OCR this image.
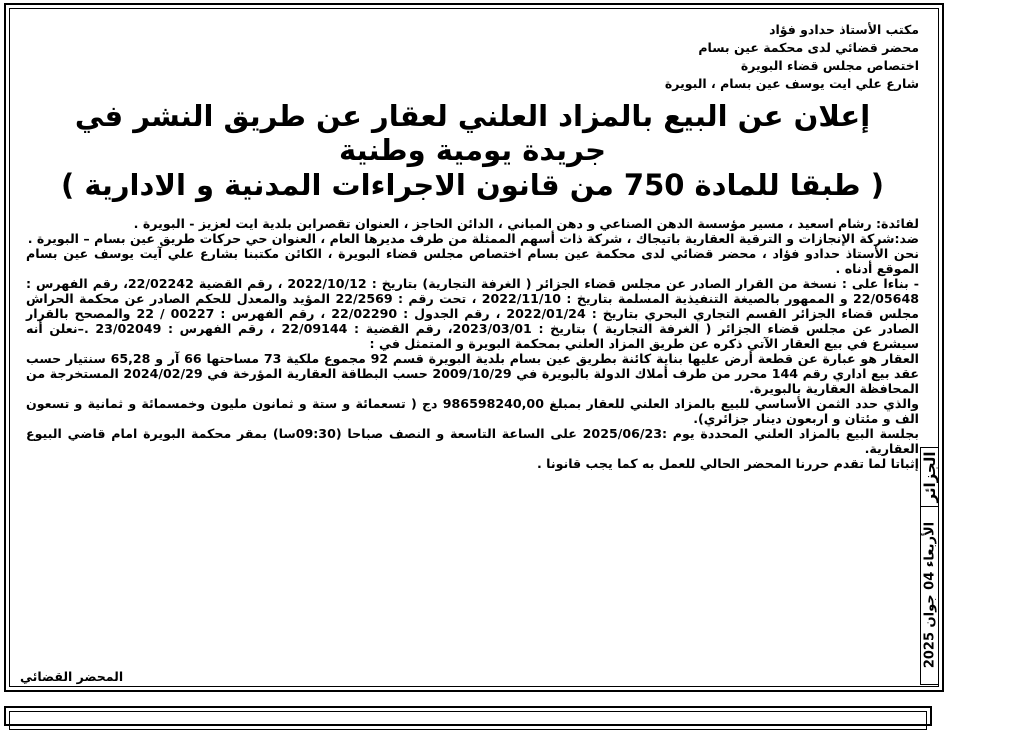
مكتب الأستاذ حدادو فؤاد
محضر قضائي لدى محكمة عين بسام
اختصاص مجلس قضاء البويرة
شارع علي ايت يوسف عين بسام ، البويرة
إعلان عن البيع بالمزاد العلني لعقار عن طريق النشر في جريدة يومية وطنية
( طبقا للمادة 750 من قانون الاجراءات المدنية و الادارية )

لفائدة: رشام اسعيد ، مسير مؤسسة الدهن الصناعي و دهن المباني ، الدائن الحاجز ، العنوان تقصرابن بلدية ايت لعزيز - البويرة .

ضد:شركة الإنجازات و الترقية العقارية باتيجاك ، شركة ذات أسهم الممثلة من طرف مديرها العام ، العنوان حي حركات طريق عين بسام – البويرة .

نحن الأستاذ حدادو فؤاد ، محضر قضائي لدى محكمة عين بسام اختصاص مجلس قضاء البويرة ، الكائن مكتبنا بشارع علي آيت يوسف عين بسام الموقع أدناه .

- بناءا على : نسخة من القرار الصادر عن مجلس قضاء الجزائر ( الغرفة التجارية) بتاريخ : 2022/10/12 ، رقم القضية 22/02242، رقم الفهرس : 22/05648 و الممهور بالصيغة التنفيذية المسلمة بتاريخ : 2022/11/10 ، تحت رقم : 22/2569 المؤيد والمعدل للحكم الصادر عن محكمة الحراش مجلس قضاء الجزائر القسم التجاري البحري بتاريخ : 2022/01/24 ، رقم الجدول : 22/02290 ، رقم الفهرس : 00227 / 22 والمصحح بالقرار الصادر عن مجلس قضاء الجزائر ( الغرفة التجارية ) بتاريخ : 2023/03/01، رقم القضية : 22/09144 ، رقم الفهرس : 23/02049 .–نعلن أنه سيشرع في بيع العقار الآتي ذكره عن طريق المزاد العلني بمحكمة البويرة و المتمثل في :

العقار هو عبارة عن قطعة أرض عليها بناية كائنة بطريق عين بسام بلدية البويرة قسم 92 مجموع ملكية 73 مساحتها 66 آر و 65,28 سنتيار حسب عقد بيع اداري رقم 144 محرر من طرف أملاك الدولة بالبويرة في 2009/10/29 حسب البطاقة العقارية المؤرخة في 2024/02/29 المستخرجة من المحافظة العقارية بالبويرة.

والذي حدد الثمن الأساسي للبيع بالمزاد العلني للعقار بمبلغ 986598240,00 دج ( تسعمائة و ستة و ثمانون مليون وخمسمائة و ثمانية و تسعون الف و مئتان و اربعون دينار جزائري).

بجلسة البيع بالمزاد العلني المحددة يوم :2025/06/23 على الساعة التاسعة و النصف صباحا (09:30سا) بمقر محكمة البويرة امام قاضي البيوع العقارية.

إثباتا لما تقدم حررنا المحضر الحالي للعمل به كما يجب قانونا .

المحضر القضائي
الجزائر
الأربعاء 04 جوان 2025
